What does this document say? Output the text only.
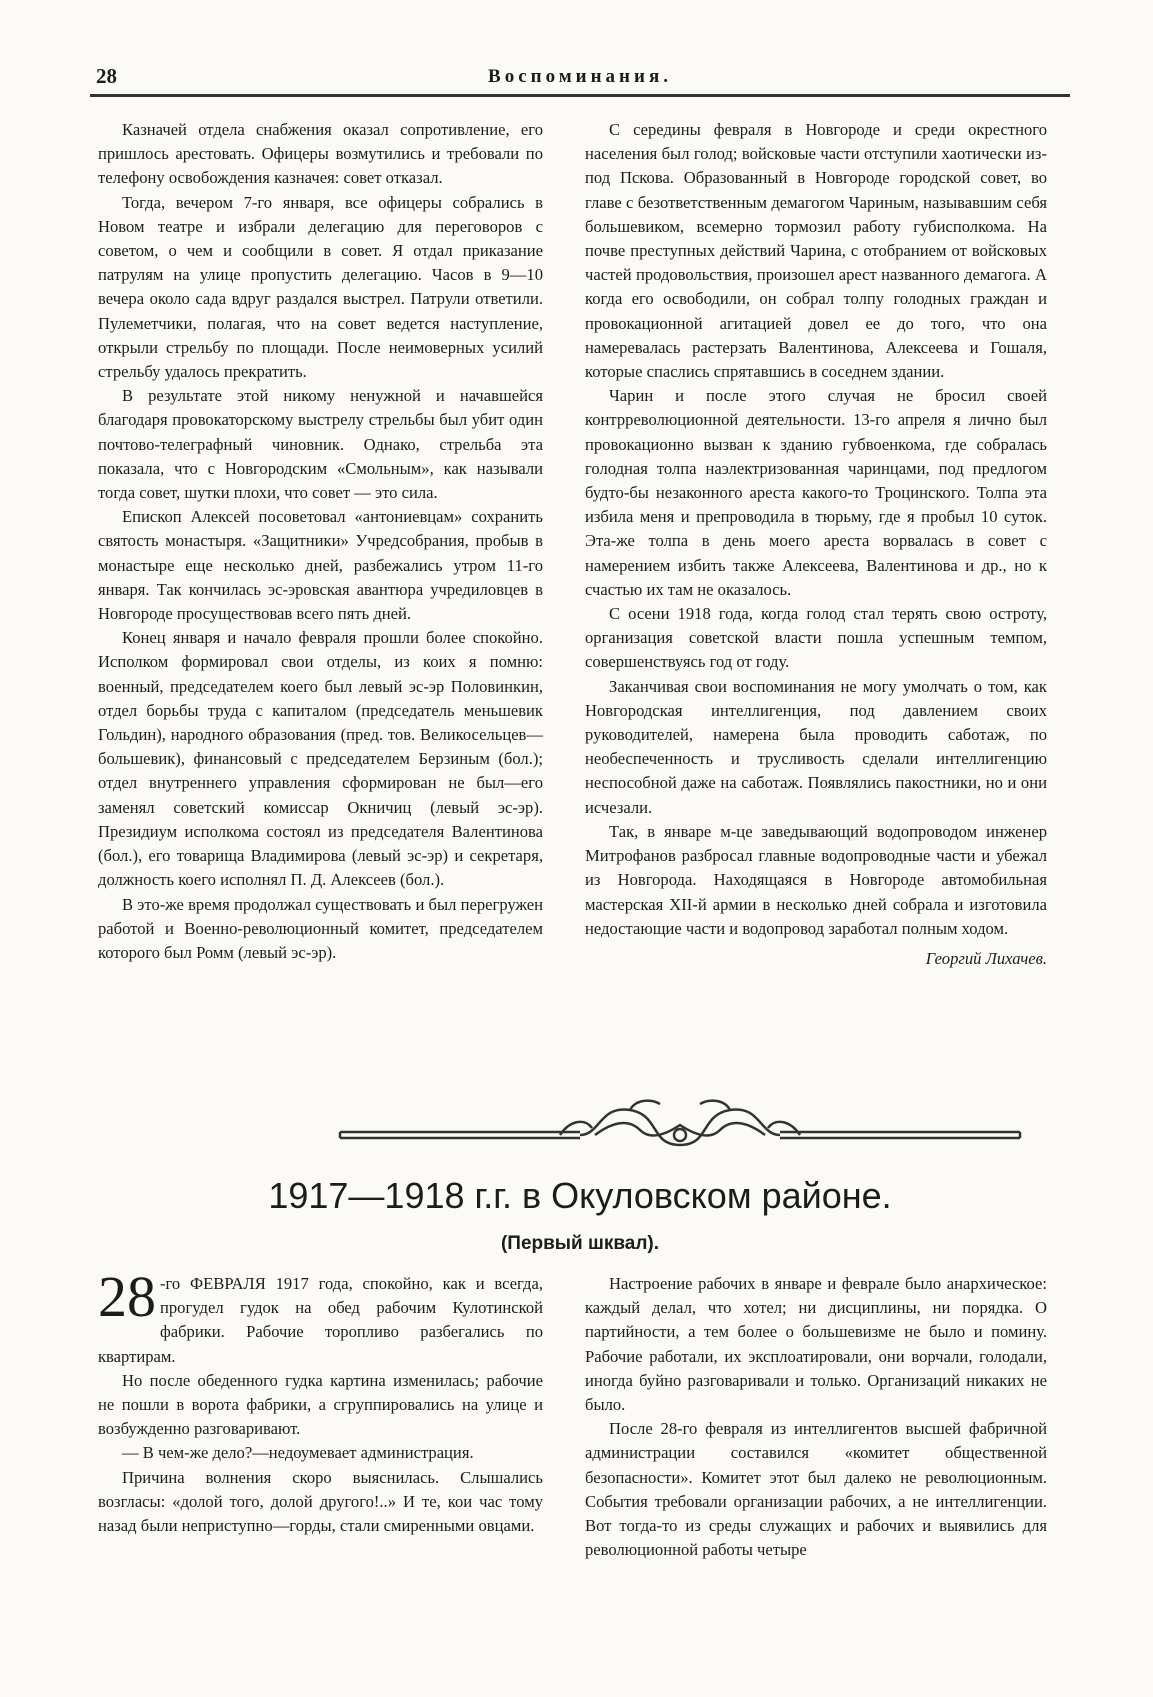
28	Воспоминания.

Казначей отдела снабжения оказал сопротивление, его пришлось арестовать. Офицеры возмутились и требовали по телефону освобождения казначея: совет отказал.

Тогда, вечером 7-го января, все офицеры собрались в Новом театре и избрали делегацию для переговоров с советом, о чем и сообщили в совет. Я отдал приказание патрулям на улице пропустить делегацию. Часов в 9—10 вечера около сада вдруг раздался выстрел. Патрули ответили. Пулеметчики, полагая, что на совет ведется наступление, открыли стрельбу по площади. После неимоверных усилий стрельбу удалось прекратить.

В результате этой никому ненужной и начавшейся благодаря провокаторскому выстрелу стрельбы был убит один почтово-телеграфный чиновник. Однако, стрельба эта показала, что с Новгородским «Смольным», как называли тогда совет, шутки плохи, что совет — это сила.

Епископ Алексей посоветовал «антониевцам» сохранить святость монастыря. «Защитники» Учредсобрания, пробыв в монастыре еще несколько дней, разбежались утром 11-го января. Так кончилась эс-эровская авантюра учредиловцев в Новгороде просуществовав всего пять дней.

Конец января и начало февраля прошли более спокойно. Исполком формировал свои отделы, из коих я помню: военный, председателем коего был левый эс-эр Половинкин, отдел борьбы труда с капиталом (председатель меньшевик Гольдин), народного образования (пред. тов. Великосельцев—большевик), финансовый с председателем Берзиным (бол.); отдел внутреннего управления сформирован не был—его заменял советский комиссар Окничиц (левый эс-эр). Президиум исполкома состоял из председателя Валентинова (бол.), его товарища Владимирова (левый эс-эр) и секретаря, должность коего исполнял П. Д. Алексеев (бол.).

В это-же время продолжал существовать и был перегружен работой и Военно-революционный комитет, председателем которого был Ромм (левый эс-эр).

С середины февраля в Новгороде и среди окрестного населения был голод; войсковые части отступили хаотически из-под Пскова. Образованный в Новгороде городской совет, во главе с безответственным демагогом Чариным, называвшим себя большевиком, всемерно тормозил работу губисполкома. На почве преступных действий Чарина, с отобранием от войсковых частей продовольствия, произошел арест названного демагога. А когда его освободили, он собрал толпу голодных граждан и провокационной агитацией довел ее до того, что она намеревалась растерзать Валентинова, Алексеева и Гошаля, которые спаслись спрятавшись в соседнем здании.

Чарин и после этого случая не бросил своей контрреволюционной деятельности. 13-го апреля я лично был провокационно вызван к зданию губвоенкома, где собралась голодная толпа наэлектризованная чаринцами, под предлогом будто-бы незаконного ареста какого-то Троцинского. Толпа эта избила меня и препроводила в тюрьму, где я пробыл 10 суток. Эта-же толпа в день моего ареста ворвалась в совет с намерением избить также Алексеева, Валентинова и др., но к счастью их там не оказалось.

С осени 1918 года, когда голод стал терять свою остроту, организация советской власти пошла успешным темпом, совершенствуясь год от году.

Заканчивая свои воспоминания не могу умолчать о том, как Новгородская интеллигенция, под давлением своих руководителей, намерена была проводить саботаж, по необеспеченность и трусливость сделали интеллигенцию неспособной даже на саботаж. Появлялись пакостники, но и они исчезали.

Так, в январе м-це заведывающий водопроводом инженер Митрофанов разбросал главные водопроводные части и убежал из Новгорода. Находящаяся в Новгороде автомобильная мастерская XII-й армии в несколько дней собрала и изготовила недостающие части и водопровод заработал полным ходом.

Георгий Лихачев.

1917—1918 г.г. в Окуловском районе.
(Первый шквал).

28 -го ФЕВРАЛЯ 1917 года, спокойно, как и всегда, прогудел гудок на обед рабочим Кулотинской фабрики. Рабочие торопливо разбегались по квартирам.

Но после обеденного гудка картина изменилась; рабочие не пошли в ворота фабрики, а сгруппировались на улице и возбужденно разговаривают.

— В чем-же дело?—недоумевает администрация.

Причина волнения скоро выяснилась. Слышались возгласы: «долой того, долой другого!..» И те, кои час тому назад были неприступно—горды, стали смиренными овцами.

Настроение рабочих в январе и феврале было анархическое: каждый делал, что хотел; ни дисциплины, ни порядка. О партийности, а тем более о большевизме не было и помину. Рабочие работали, их эксплоатировали, они ворчали, голодали, иногда буйно разговаривали и только. Организаций никаких не было.

После 28-го февраля из интеллигентов высшей фабричной администрации составился «комитет общественной безопасности». Комитет этот был далеко не революционным. События требовали организации рабочих, а не интеллигенции. Вот тогда-то из среды служащих и рабочих и выявились для революционной работы четыре
